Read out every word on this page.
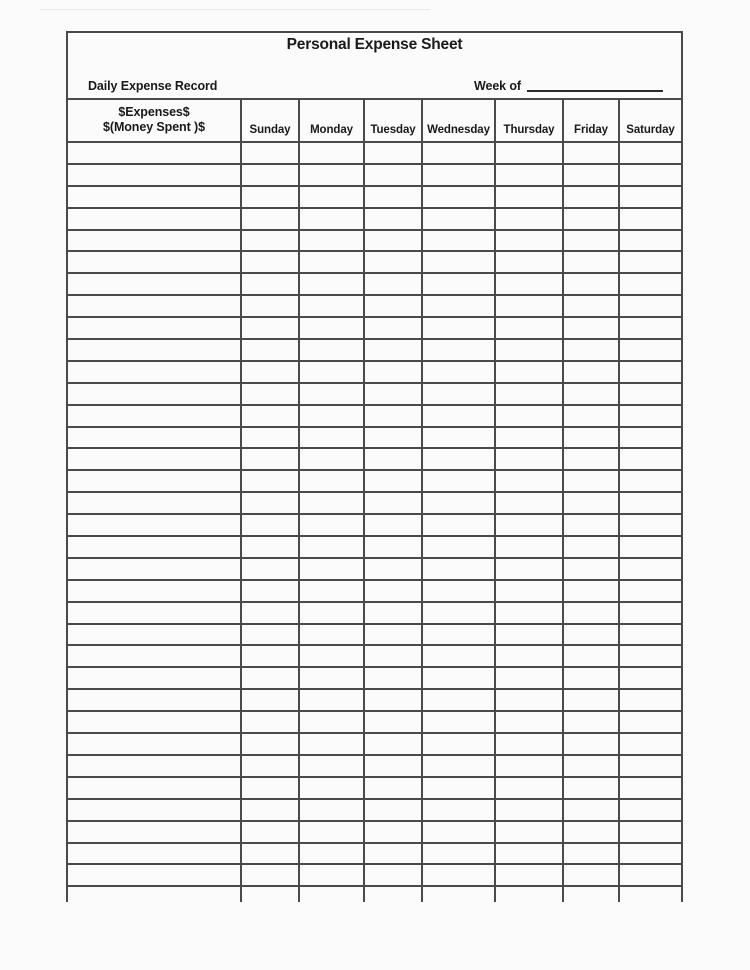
Personal Expense Sheet
Daily Expense Record	Week of
$Expenses$
$(Money Spent )$	Sunday	Monday	Tuesday	Wednesday	Thursday	Friday	Saturday
